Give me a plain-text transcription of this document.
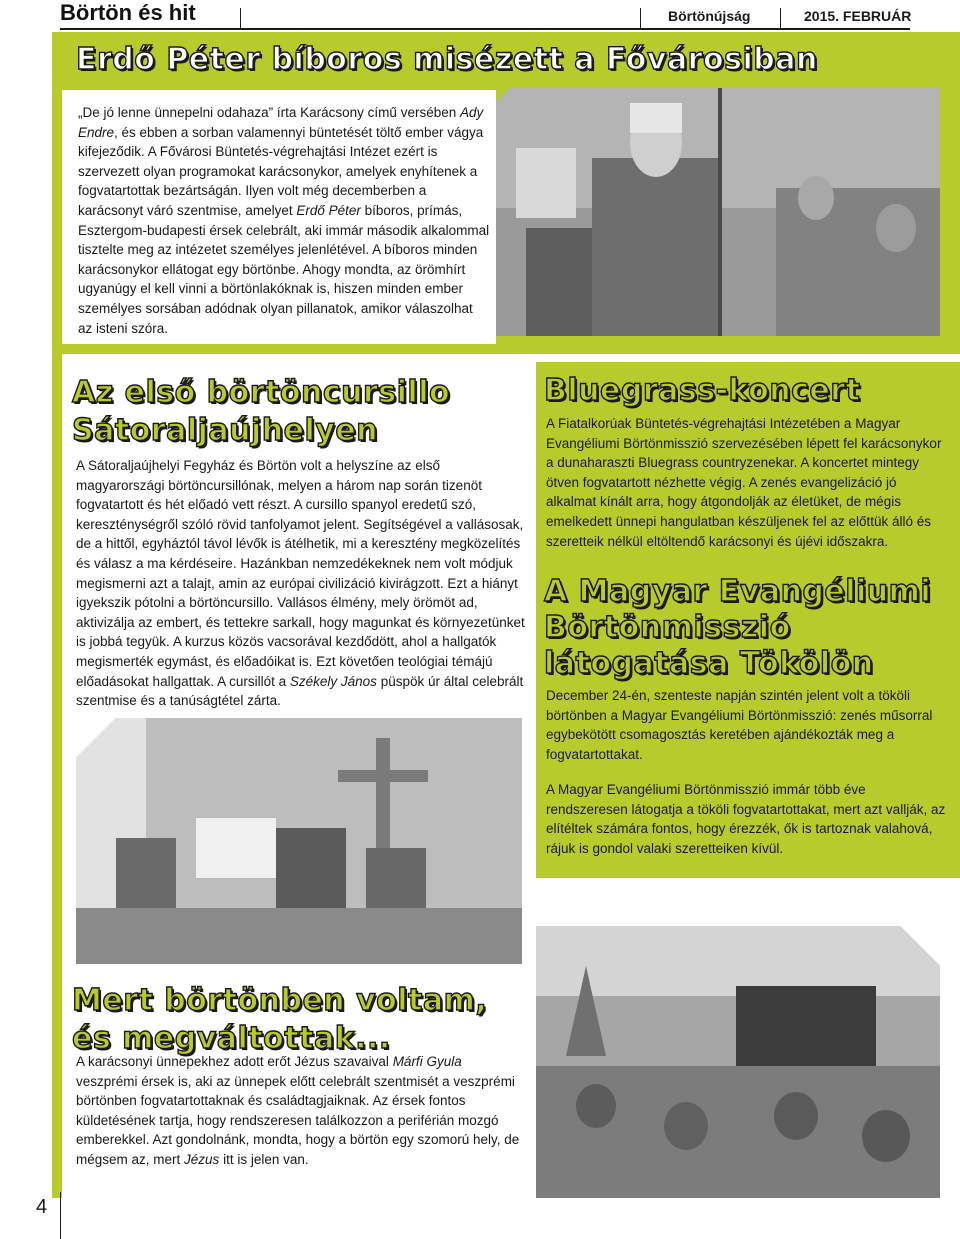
Börtön és hit	Börtönújság	2015. FEBRUÁR
Erdő Péter bíboros misézett a Fővárosiban

„De jó lenne ünnepelni odahaza” írta Karácsony című versében Ady Endre, és ebben a sorban valamennyi büntetését töltő ember vágya kifejeződik. A Fővárosi Büntetés-végrehajtási Intézet ezért is szervezett olyan programokat karácsonykor, amelyek enyhítenek a fogvatartottak bezártságán. Ilyen volt még decemberben a karácsonyt váró szentmise, amelyet Erdő Péter bíboros, prímás, Esztergom-budapesti érsek celebrált, aki immár második alkalommal tisztelte meg az intézetet személyes jelenlétével. A bíboros minden karácsonykor ellátogat egy börtönbe. Ahogy mondta, az örömhírt ugyanúgy el kell vinni a börtönlakóknak is, hiszen minden ember személyes sorsában adódnak olyan pillanatok, amikor válaszolhat az isteni szóra.

Az első börtöncursillo
Sátoraljaújhelyen

A Sátoraljaújhelyi Fegyház és Börtön volt a helyszíne az első magyarországi börtöncursillónak, melyen a három nap során tizenöt fogvatartott és hét előadó vett részt. A cursillo spanyol eredetű szó, kereszténységről szóló rövid tanfolyamot jelent. Segítségével a vallásosak, de a hittől, egyháztól távol lévők is átélhetik, mi a keresztény megközelítés és válasz a ma kérdéseire. Hazánkban nemzedékeknek nem volt módjuk megismerni azt a talajt, amin az európai civilizáció kivirágzott. Ezt a hiányt igyekszik pótolni a börtöncursillo. Vallásos élmény, mely örömöt ad, aktivizálja az embert, és tettekre sarkall, hogy magunkat és környezetünket is jobbá tegyük. A kurzus közös vacsorával kezdődött, ahol a hallgatók megismerték egymást, és előadóikat is. Ezt követően teológiai témájú előadásokat hallgattak. A cursillót a Székely János püspök úr által celebrált szentmise és a tanúságtétel zárta.

Bluegrass-koncert

A Fiatalkorúak Büntetés-végrehajtási Intézetében a Magyar Evangéliumi Börtönmisszió szervezésében lépett fel karácsonykor a dunaharaszti Bluegrass countryzenekar. A koncertet mintegy ötven fogvatartott nézhette végig. A zenés evangelizáció jó alkalmat kínált arra, hogy átgondolják az életüket, de mégis emelkedett ünnepi hangulatban készüljenek fel az előttük álló és szeretteik nélkül eltöltendő karácsonyi és újévi időszakra.

A Magyar Evangéliumi
Börtönmisszió
látogatása Tökölön

December 24-én, szenteste napján szintén jelent volt a tököli börtönben a Magyar Evangéliumi Börtönmisszió: zenés műsorral egybekötött csomagosztás keretében ajándékozták meg a fogvatartottakat.

A Magyar Evangéliumi Börtönmisszió immár több éve rendszeresen látogatja a tököli fogvatartottakat, mert azt vallják, az elítéltek számára fontos, hogy érezzék, ők is tartoznak valahová, rájuk is gondol valaki szeretteiken kívül.

Mert börtönben voltam,
és megváltottak...

A karácsonyi ünnepekhez adott erőt Jézus szavaival Márfi Gyula veszprémi érsek is, aki az ünnepek előtt celebrált szentmisét a veszprémi börtönben fogvatartottaknak és családtagjaiknak. Az érsek fontos küldetésének tartja, hogy rendszeresen találkozzon a periférián mozgó emberekkel. Azt gondolnánk, mondta, hogy a börtön egy szomorú hely, de mégsem az, mert Jézus itt is jelen van.

4
